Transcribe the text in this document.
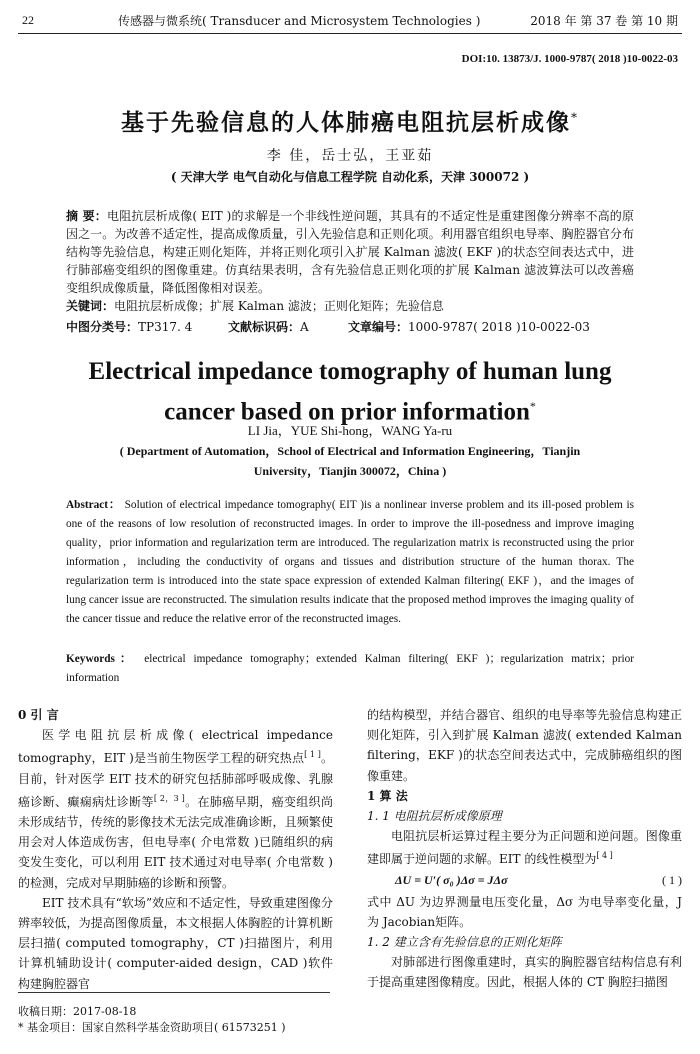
22	传感器与微系统( Transducer and Microsystem Technologies )	2018 年 第 37 卷 第 10 期
DOI:10. 13873/J. 1000-9787( 2018 )10-0022-03
基于先验信息的人体肺癌电阻抗层析成像*
李 佳，岳士弘，王亚茹
( 天津大学 电气自动化与信息工程学院 自动化系，天津 300072 )
摘 要：电阻抗层析成像( EIT )的求解是一个非线性逆问题，其具有的不适定性是重建图像分辨率不高的原因之一。为改善不适定性，提高成像质量，引入先验信息和正则化项。利用器官组织电导率、胸腔器官分布结构等先验信息，构建正则化矩阵，并将正则化项引入扩展 Kalman 滤波( EKF )的状态空间表达式中，进行肺部癌变组织的图像重建。仿真结果表明，含有先验信息正则化项的扩展 Kalman 滤波算法可以改善癌变组织成像质量，降低图像相对误差。
关键词：电阻抗层析成像；扩展 Kalman 滤波；正则化矩阵；先验信息
中图分类号：TP317. 4	文献标识码：A	文章编号：1000-9787( 2018 )10-0022-03
Electrical impedance tomography of human lung
cancer based on prior information*
LI Jia，YUE Shi-hong，WANG Ya-ru
( Department of Automation，School of Electrical and Information Engineering，Tianjin University，Tianjin 300072，China )
Abstract： Solution of electrical impedance tomography( EIT )is a nonlinear inverse problem and its ill-posed problem is one of the reasons of low resolution of reconstructed images. In order to improve the ill-posedness and improve imaging quality，prior information and regularization term are introduced. The regularization matrix is reconstructed using the prior information，including the conductivity of organs and tissues and distribution structure of the human thorax. The regularization term is introduced into the state space expression of extended Kalman filtering( EKF )，and the images of lung cancer issue are reconstructed. The simulation results indicate that the proposed method improves the imaging quality of the cancer tissue and reduce the relative error of the reconstructed images.
Keywords： electrical impedance tomography；extended Kalman filtering( EKF )；regularization matrix；prior information
0 引 言

医学电阻抗层析成像( electrical impedance tomography，EIT )是当前生物医学工程的研究热点[ 1 ]。目前，针对医学 EIT 技术的研究包括肺部呼吸成像、乳腺癌诊断、癫痫病灶诊断等[ 2，3 ]。在肺癌早期，癌变组织尚未形成结节，传统的影像技术无法完成准确诊断，且频繁使用会对人体造成伤害，但电导率( 介电常数 )已随组织的病变发生变化，可以利用 EIT 技术通过对电导率( 介电常数 )的检测，完成对早期肺癌的诊断和预警。

EIT 技术具有“软场”效应和不适定性，导致重建图像分辨率较低，为提高图像质量，本文根据人体胸腔的计算机断层扫描( computed tomography，CT )扫描图片，利用计算机辅助设计( computer-aided design，CAD )软件构建胸腔器官

的结构模型，并结合器官、组织的电导率等先验信息构建正则化矩阵，引入到扩展 Kalman 滤波( extended Kalman filtering，EKF )的状态空间表达式中，完成肺癌组织的图像重建。

1 算 法
1. 1 电阻抗层析成像原理

电阻抗层析运算过程主要分为正问题和逆问题。图像重建即属于逆问题的求解。EIT 的线性模型为[ 4 ]

ΔU = U′( σ₀ )Δσ = JΔσ	( 1 )

式中 ΔU 为边界测量电压变化量，Δσ 为电导率变化量，J 为 Jacobian矩阵。

1. 2 建立含有先验信息的正则化矩阵

对肺部进行图像重建时，真实的胸腔器官结构信息有利于提高重建图像精度。因此，根据人体的 CT 胸腔扫描图

收稿日期：2017-08-18
* 基金项目：国家自然科学基金资助项目( 61573251 )
